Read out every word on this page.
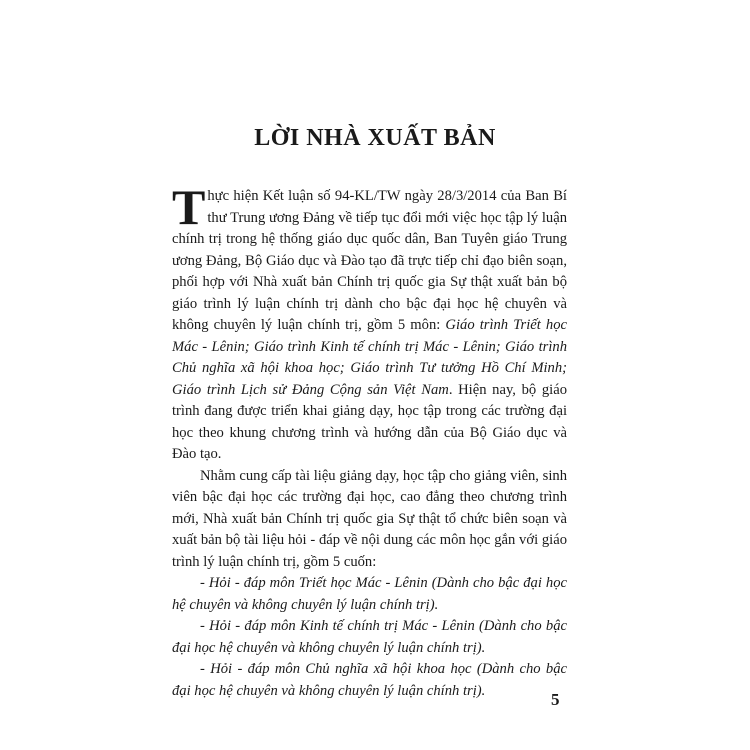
LỜI NHÀ XUẤT BẢN

Thực hiện Kết luận số 94-KL/TW ngày 28/3/2014 của Ban Bí thư Trung ương Đảng về tiếp tục đổi mới việc học tập lý luận chính trị trong hệ thống giáo dục quốc dân, Ban Tuyên giáo Trung ương Đảng, Bộ Giáo dục và Đào tạo đã trực tiếp chỉ đạo biên soạn, phối hợp với Nhà xuất bản Chính trị quốc gia Sự thật xuất bản bộ giáo trình lý luận chính trị dành cho bậc đại học hệ chuyên và không chuyên lý luận chính trị, gồm 5 môn: Giáo trình Triết học Mác - Lênin; Giáo trình Kinh tế chính trị Mác - Lênin; Giáo trình Chủ nghĩa xã hội khoa học; Giáo trình Tư tưởng Hồ Chí Minh; Giáo trình Lịch sử Đảng Cộng sản Việt Nam. Hiện nay, bộ giáo trình đang được triển khai giảng dạy, học tập trong các trường đại học theo khung chương trình và hướng dẫn của Bộ Giáo dục và Đào tạo.

Nhằm cung cấp tài liệu giảng dạy, học tập cho giảng viên, sinh viên bậc đại học các trường đại học, cao đẳng theo chương trình mới, Nhà xuất bản Chính trị quốc gia Sự thật tổ chức biên soạn và xuất bản bộ tài liệu hỏi - đáp về nội dung các môn học gắn với giáo trình lý luận chính trị, gồm 5 cuốn:

- Hỏi - đáp môn Triết học Mác - Lênin (Dành cho bậc đại học hệ chuyên và không chuyên lý luận chính trị).

- Hỏi - đáp môn Kinh tế chính trị Mác - Lênin (Dành cho bậc đại học hệ chuyên và không chuyên lý luận chính trị).

- Hỏi - đáp môn Chủ nghĩa xã hội khoa học (Dành cho bậc đại học hệ chuyên và không chuyên lý luận chính trị).	5
